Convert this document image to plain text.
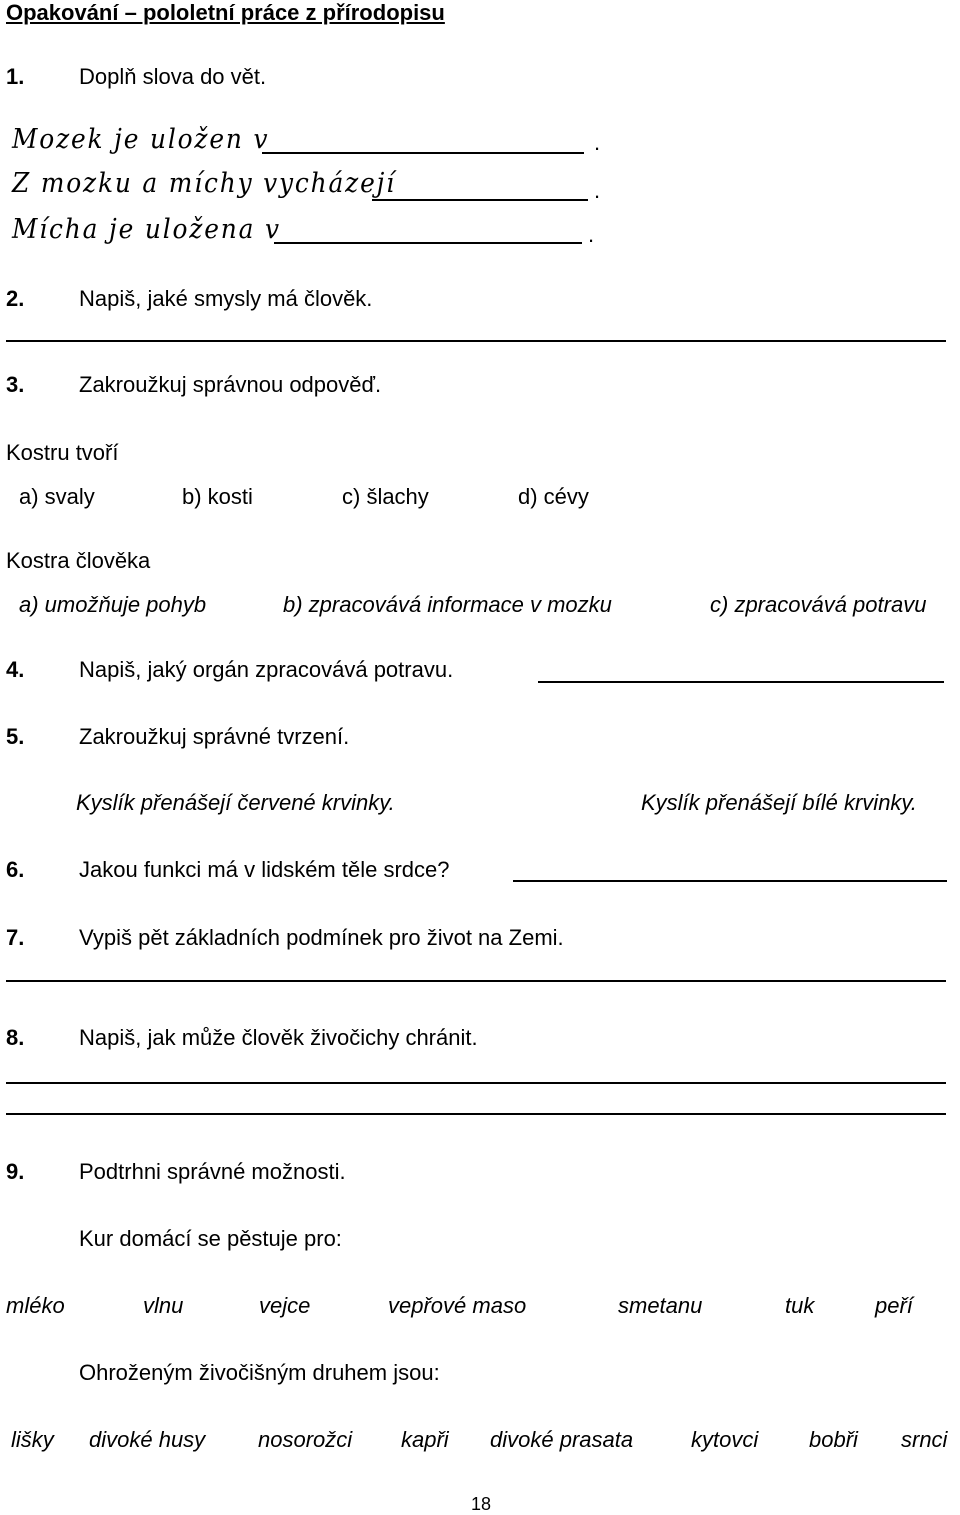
Opakování – pololetní práce z přírodopisu
1. Doplň slova do vět.
Mozek je uložen v	.
Z mozku a míchy vycházejí	.
Mícha je uložena v	.
2. Napiš, jaké smysly má člověk.
3. Zakroužkuj správnou odpověď.
Kostru tvoří
a) svaly	b) kosti	c) šlachy	d) cévy
Kostra člověka
a) umožňuje pohyb	b) zpracovává informace v mozku	c) zpracovává potravu
4. Napiš, jaký orgán zpracovává potravu.
5. Zakroužkuj správné tvrzení.
Kyslík přenášejí červené krvinky.	Kyslík přenášejí bílé krvinky.
6. Jakou funkci má v lidském těle srdce?
7. Vypiš pět základních podmínek pro život na Zemi.
8. Napiš, jak může člověk živočichy chránit.
9. Podtrhni správné možnosti.
Kur domácí se pěstuje pro:
mléko	vlnu	vejce	vepřové maso	smetanu	tuk	peří
Ohroženým živočišným druhem jsou:
lišky divoké husy nosorožci kapři divoké prasata	kytovci bobři srnci
18
